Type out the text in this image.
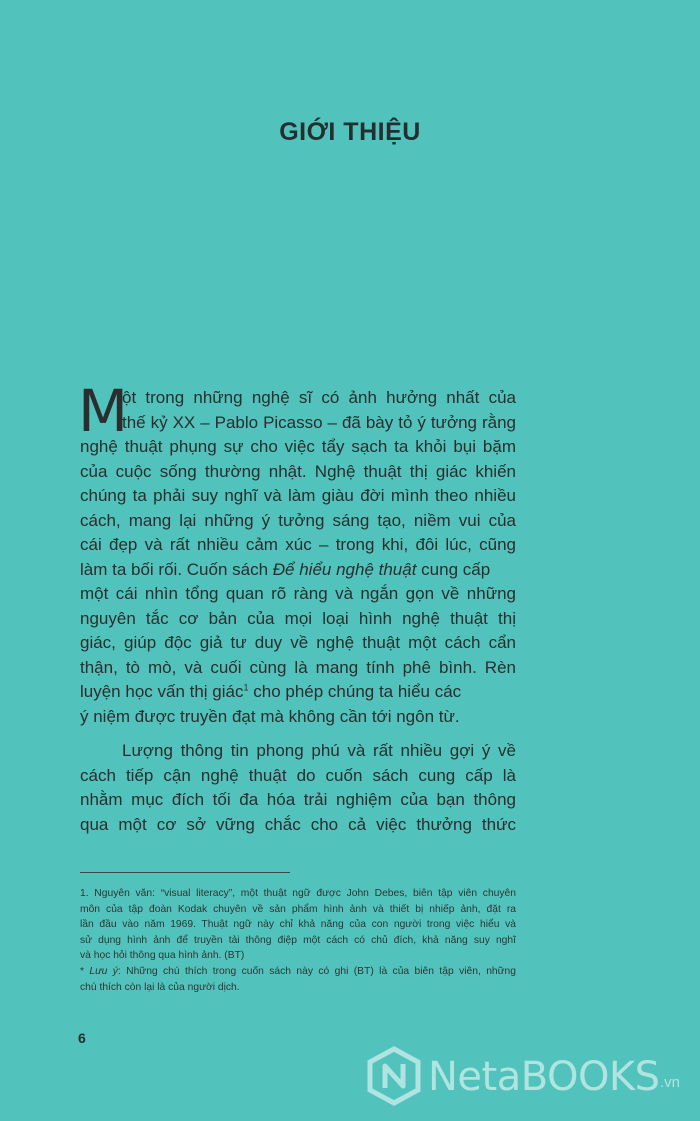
GIỚI THIỆU
M
ột trong những nghệ sĩ có ảnh hưởng nhất của
thế kỷ XX – Pablo Picasso – đã bày tỏ ý tưởng rằng
nghệ thuật phụng sự cho việc tẩy sạch ta khỏi bụi bặm
của cuộc sống thường nhật. Nghệ thuật thị giác khiến
chúng ta phải suy nghĩ và làm giàu đời mình theo nhiều
cách, mang lại những ý tưởng sáng tạo, niềm vui của
cái đẹp và rất nhiều cảm xúc – trong khi, đôi lúc, cũng
làm ta bối rối. Cuốn sách Để hiểu nghệ thuật cung cấp
một cái nhìn tổng quan rõ ràng và ngắn gọn về những
nguyên tắc cơ bản của mọi loại hình nghệ thuật thị
giác, giúp độc giả tư duy về nghệ thuật một cách cẩn
thận, tò mò, và cuối cùng là mang tính phê bình. Rèn
luyện học vấn thị giác$^1$ cho phép chúng ta hiểu các
ý niệm được truyền đạt mà không cần tới ngôn từ.
Lượng thông tin phong phú và rất nhiều gợi ý về
cách tiếp cận nghệ thuật do cuốn sách cung cấp là
nhằm mục đích tối đa hóa trải nghiệm của bạn thông
qua một cơ sở vững chắc cho cả việc thưởng thức
1. Nguyên văn: “visual literacy”, một thuật ngữ được John Debes, biên tập viên chuyên
môn của tập đoàn Kodak chuyên về sản phẩm hình ảnh và thiết bị nhiếp ảnh, đặt ra
lần đầu vào năm 1969. Thuật ngữ này chỉ khả năng của con người trong việc hiểu và
sử dụng hình ảnh để truyền tải thông điệp một cách có chủ đích, khả năng suy nghĩ
và học hỏi thông qua hình ảnh. (BT)
* Lưu ý: Những chú thích trong cuốn sách này có ghi (BT) là của biên tập viên, những
chú thích còn lại là của người dịch.
6
NetaBOOKS .vn
